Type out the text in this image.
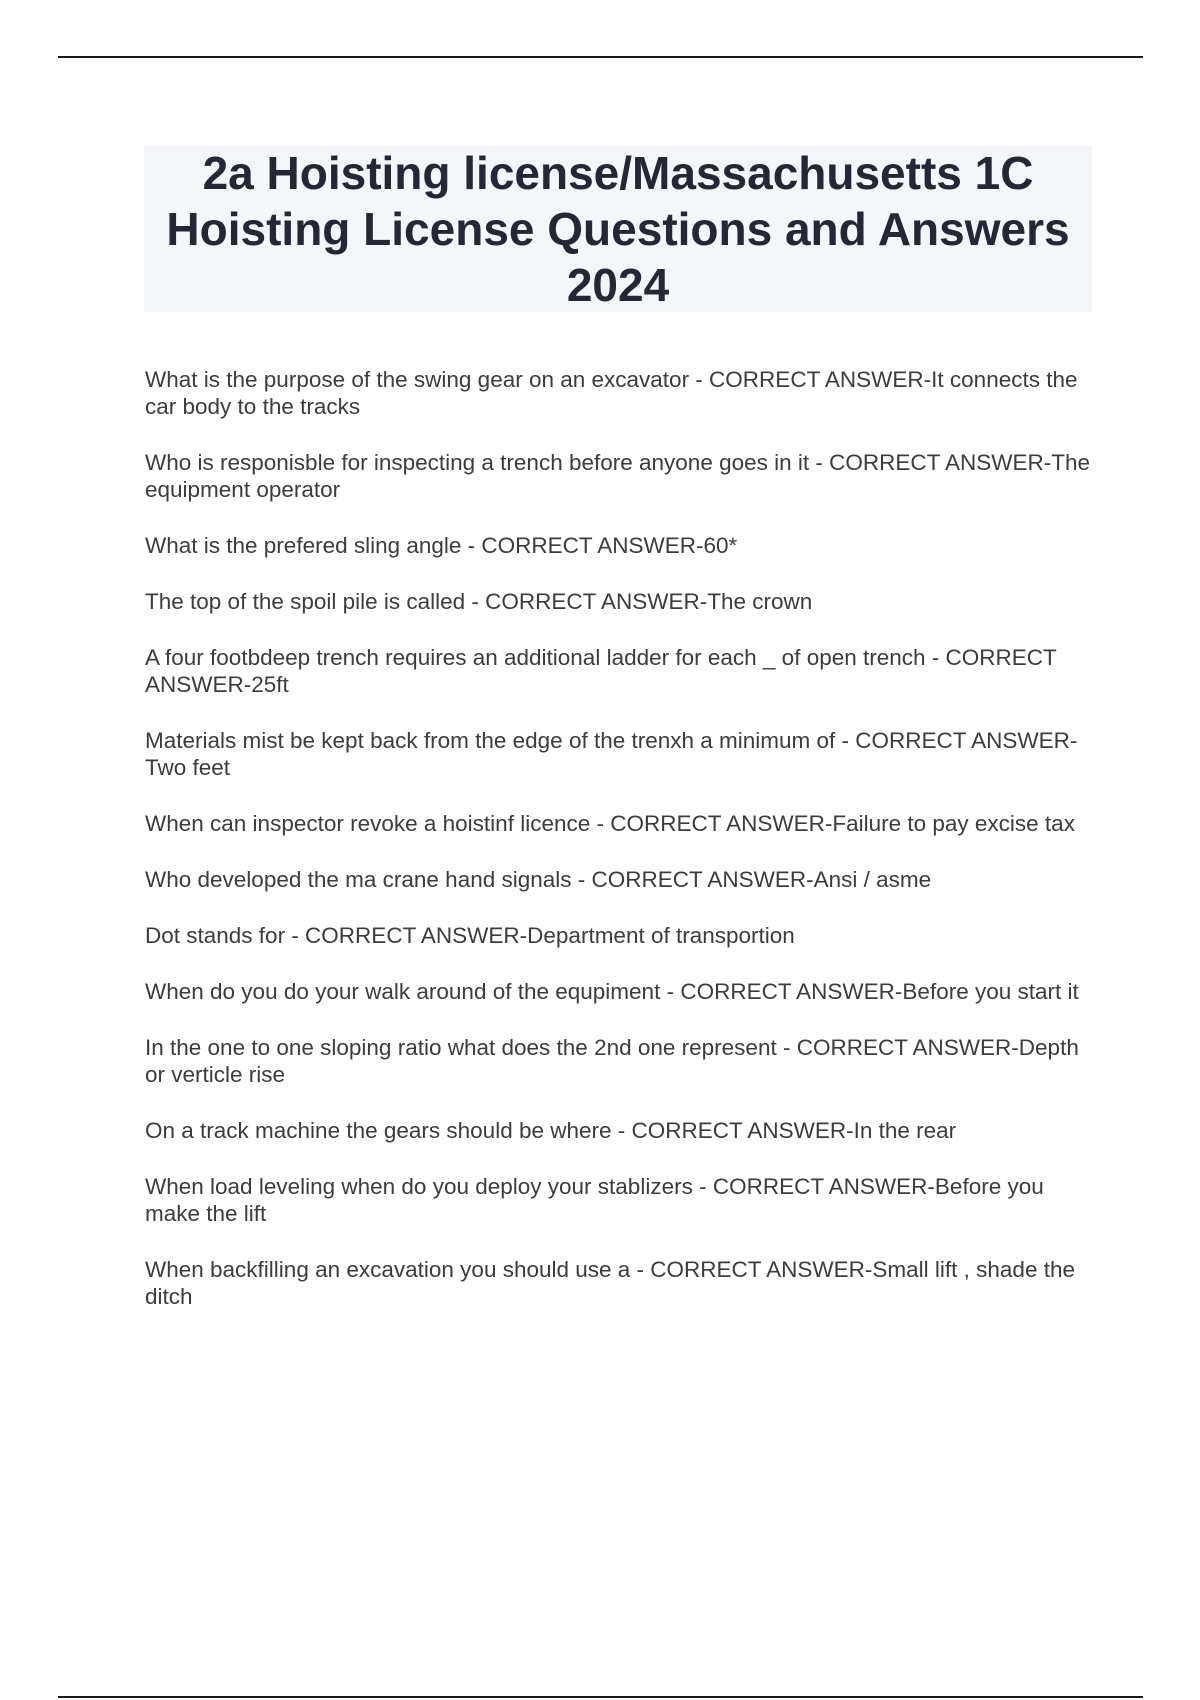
2a Hoisting license/Massachusetts 1C Hoisting License Questions and Answers 2024
What is the purpose of the swing gear on an excavator - CORRECT ANSWER-It connects the car body to the tracks
Who is responisble for inspecting a trench before anyone goes in it - CORRECT ANSWER-The equipment operator
What is the prefered sling angle - CORRECT ANSWER-60*
The top of the spoil pile is called - CORRECT ANSWER-The crown
A four footbdeep trench requires an additional ladder for each _ of open trench - CORRECT ANSWER-25ft
Materials mist be kept back from the edge of the trenxh a minimum of - CORRECT ANSWER-Two feet
When can inspector revoke a hoistinf licence - CORRECT ANSWER-Failure to pay excise tax
Who developed the ma crane hand signals - CORRECT ANSWER-Ansi / asme
Dot stands for - CORRECT ANSWER-Department of transportion
When do you do your walk around of the equpiment - CORRECT ANSWER-Before you start it
In the one to one sloping ratio what does the 2nd one represent - CORRECT ANSWER-Depth or verticle rise
On a track machine the gears should be where - CORRECT ANSWER-In the rear
When load leveling when do you deploy your stablizers - CORRECT ANSWER-Before you make the lift
When backfilling an excavation you should use a - CORRECT ANSWER-Small lift , shade the ditch
